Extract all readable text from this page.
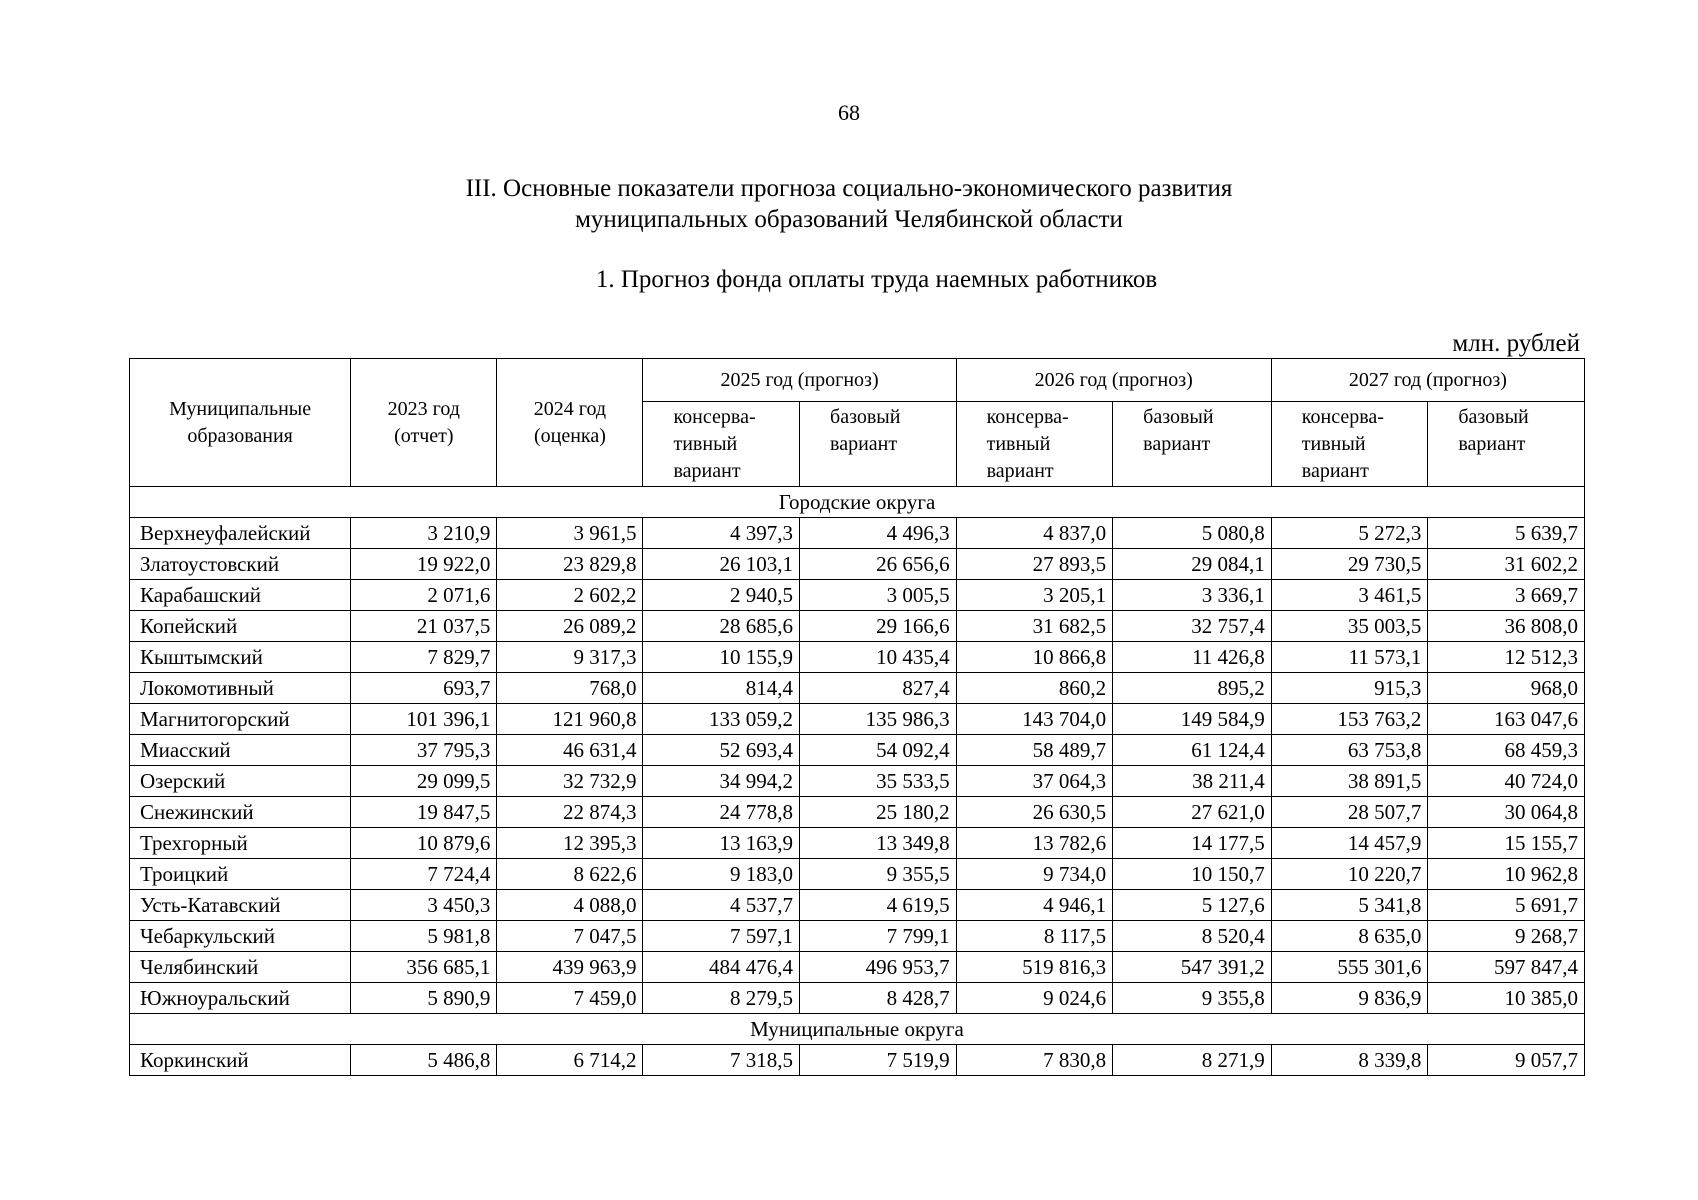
68
III. Основные показатели прогноза социально-экономического развития
муниципальных образований Челябинской области
1. Прогноз фонда оплаты труда наемных работников
млн. рублей
Муниципальные образования	2023 год (отчет)	2024 год (оценка)	2025 год (прогноз)		2026 год (прогноз)		2027 год (прогноз)	
			консерва-тивный вариант	базовый вариант	консерва-тивный вариант	базовый вариант	консерва-тивный вариант	базовый вариант
Городские округа								
Верхнеуфалейский	3 210,9	3 961,5	4 397,3	4 496,3	4 837,0	5 080,8	5 272,3	5 639,7
Златоустовский	19 922,0	23 829,8	26 103,1	26 656,6	27 893,5	29 084,1	29 730,5	31 602,2
Карабашский	2 071,6	2 602,2	2 940,5	3 005,5	3 205,1	3 336,1	3 461,5	3 669,7
Копейский	21 037,5	26 089,2	28 685,6	29 166,6	31 682,5	32 757,4	35 003,5	36 808,0
Кыштымский	7 829,7	9 317,3	10 155,9	10 435,4	10 866,8	11 426,8	11 573,1	12 512,3
Локомотивный	693,7	768,0	814,4	827,4	860,2	895,2	915,3	968,0
Магнитогорский	101 396,1	121 960,8	133 059,2	135 986,3	143 704,0	149 584,9	153 763,2	163 047,6
Миасский	37 795,3	46 631,4	52 693,4	54 092,4	58 489,7	61 124,4	63 753,8	68 459,3
Озерский	29 099,5	32 732,9	34 994,2	35 533,5	37 064,3	38 211,4	38 891,5	40 724,0
Снежинский	19 847,5	22 874,3	24 778,8	25 180,2	26 630,5	27 621,0	28 507,7	30 064,8
Трехгорный	10 879,6	12 395,3	13 163,9	13 349,8	13 782,6	14 177,5	14 457,9	15 155,7
Троицкий	7 724,4	8 622,6	9 183,0	9 355,5	9 734,0	10 150,7	10 220,7	10 962,8
Усть-Катавский	3 450,3	4 088,0	4 537,7	4 619,5	4 946,1	5 127,6	5 341,8	5 691,7
Чебаркульский	5 981,8	7 047,5	7 597,1	7 799,1	8 117,5	8 520,4	8 635,0	9 268,7
Челябинский	356 685,1	439 963,9	484 476,4	496 953,7	519 816,3	547 391,2	555 301,6	597 847,4
Южноуральский	5 890,9	7 459,0	8 279,5	8 428,7	9 024,6	9 355,8	9 836,9	10 385,0
Муниципальные округа								
Коркинский	5 486,8	6 714,2	7 318,5	7 519,9	7 830,8	8 271,9	8 339,8	9 057,7
